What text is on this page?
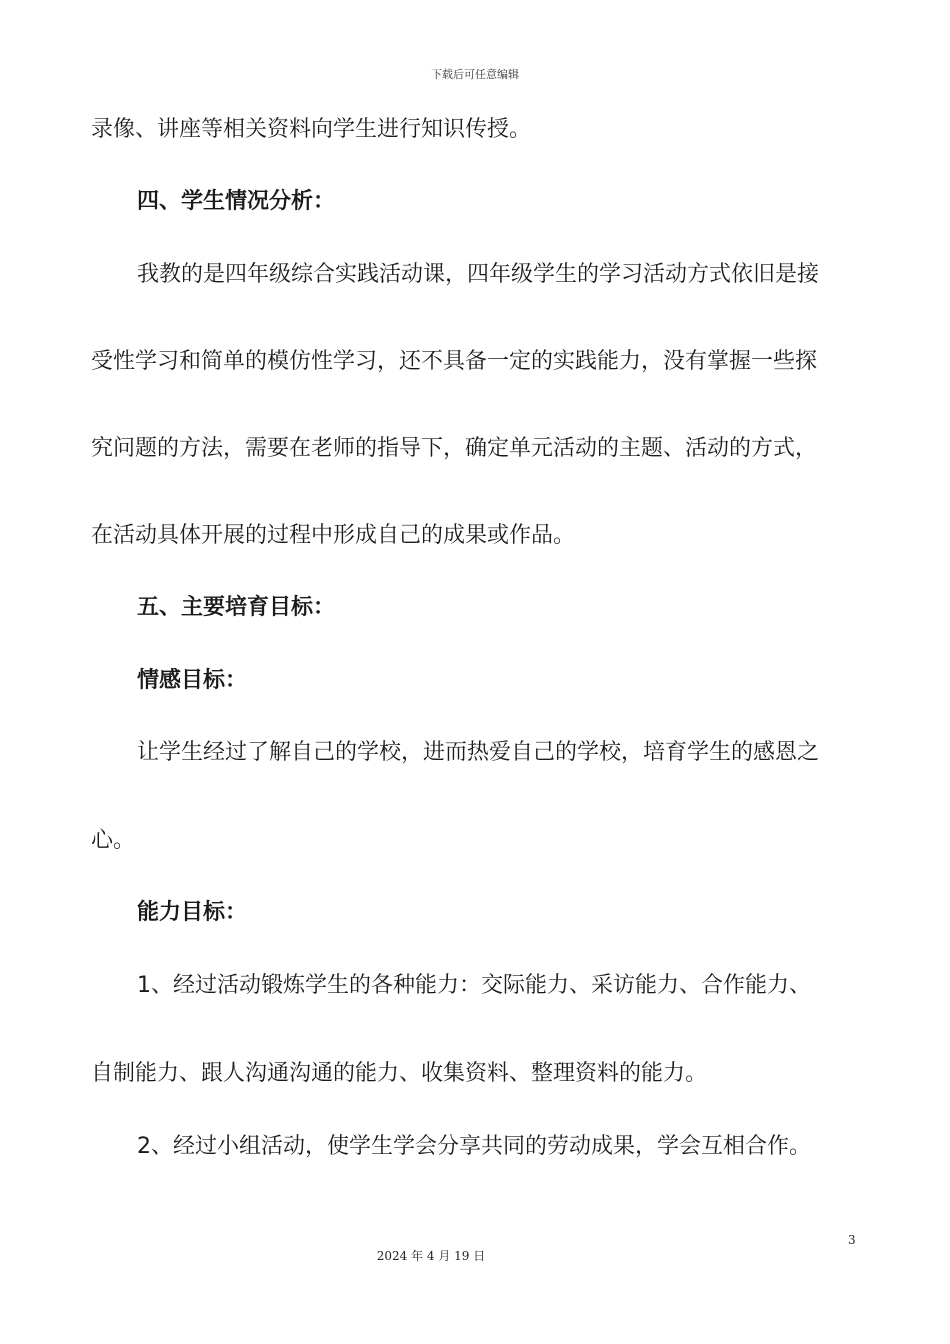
下载后可任意编辑
录像、讲座等相关资料向学生进行知识传授。
四、学生情况分析：
我教的是四年级综合实践活动课，四年级学生的学习活动方式依旧是接
受性学习和简单的模仿性学习，还不具备一定的实践能力，没有掌握一些探
究问题的方法，需要在老师的指导下，确定单元活动的主题、活动的方式，
在活动具体开展的过程中形成自己的成果或作品。
五、主要培育目标：
情感目标：
让学生经过了解自己的学校，进而热爱自己的学校，培育学生的感恩之
心。
能力目标：
1、经过活动锻炼学生的各种能力：交际能力、采访能力、合作能力、
自制能力、跟人沟通沟通的能力、收集资料、整理资料的能力。
2、经过小组活动，使学生学会分享共同的劳动成果，学会互相合作。
3
2024 年 4 月 19 日
